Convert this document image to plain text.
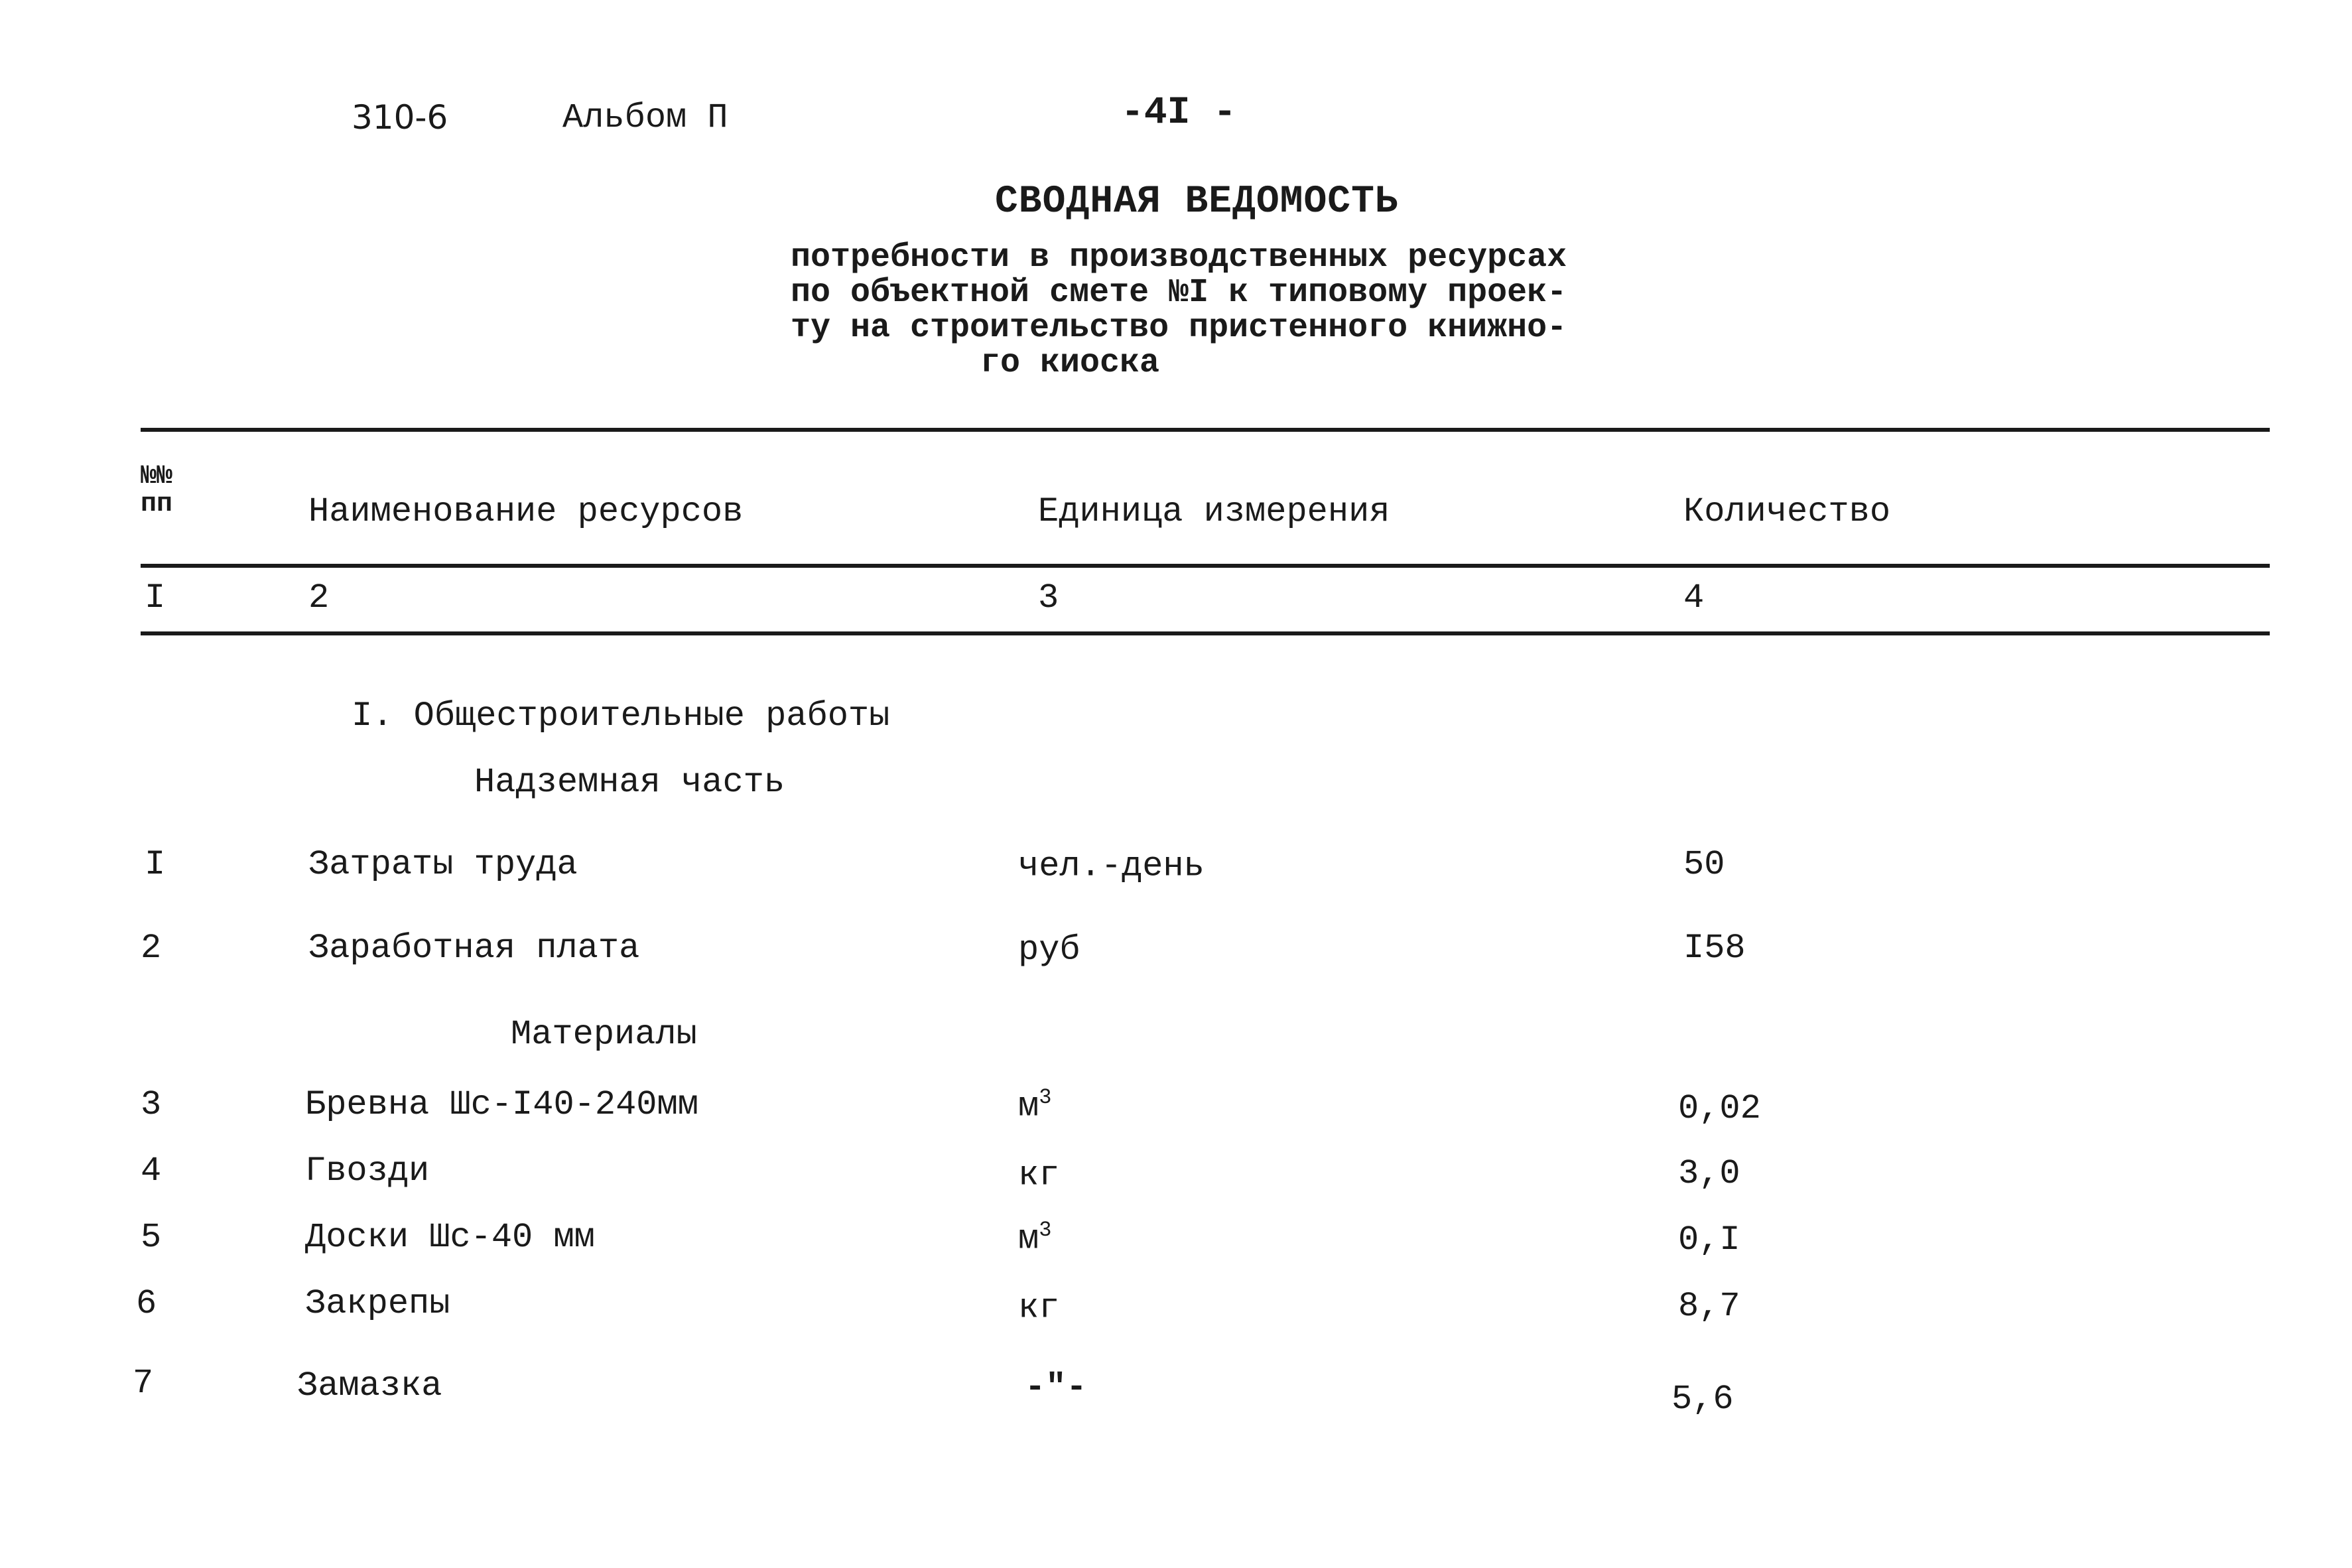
310-6	Альбом П	-4I -
СВОДНАЯ ВЕДОМОСТЬ
потребности в производственных ресурсах
по объектной смете №I к типовому проек-
ту на строительство пристенного книжно-
го киоска
№№
пп	Наименование ресурсов	Единица измерения	Количество
I	2	3	4
I. Общестроительные работы
Надземная часть
I	Затраты труда	чел.-день	50
2	Заработная плата	руб	I58
Материалы
3	Бревна Шс-I40-240мм	$м^3$	0,02
4	Гвозди	кг	3,0
5	Доски Шс-40 мм	$м^3$	0,I
6	Закрепы	кг	8,7
7	Замазка	-"-	5,6
